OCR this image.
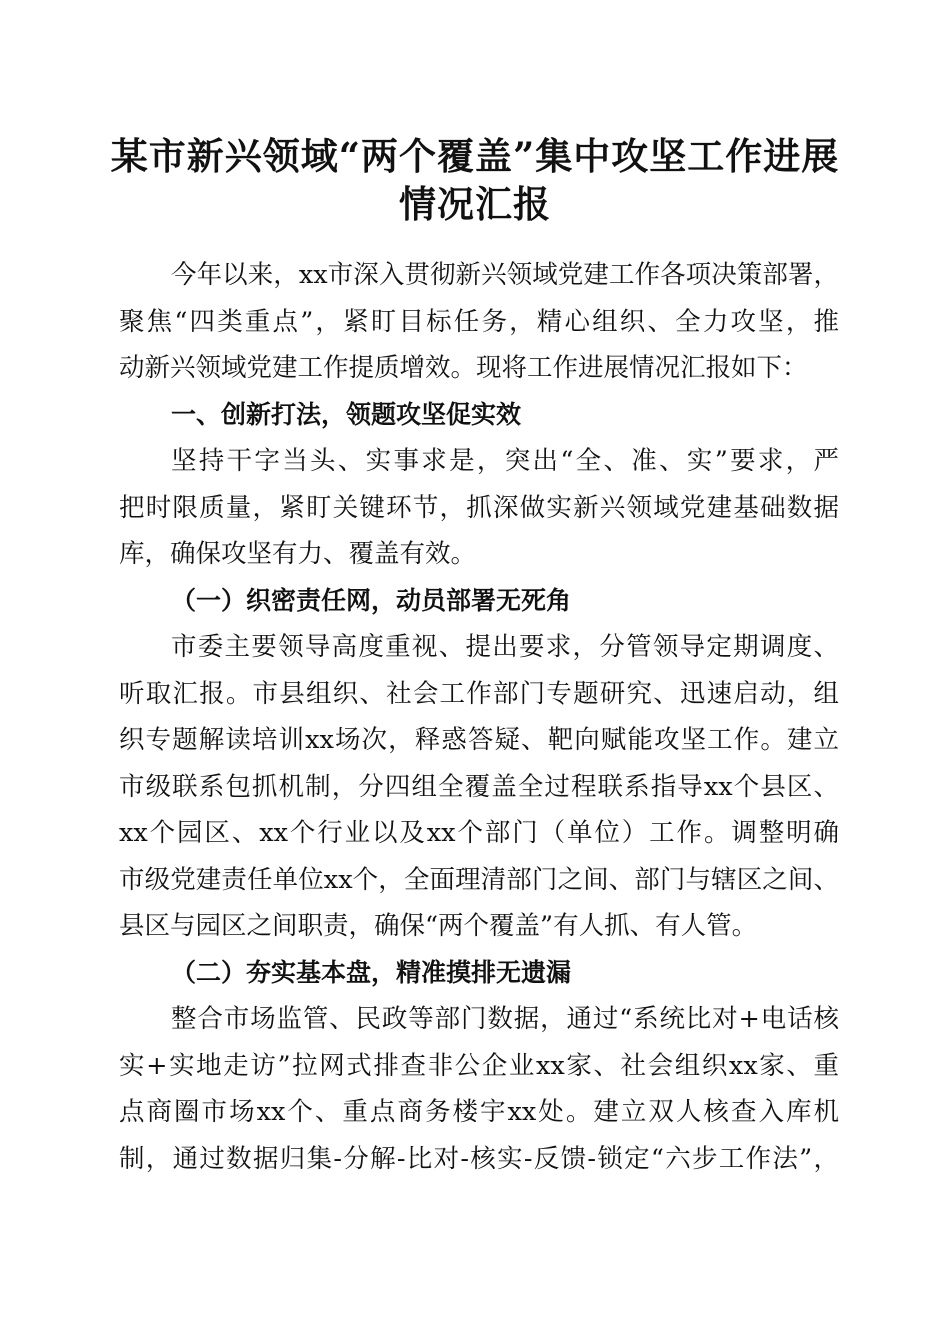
某市新兴领域“两个覆盖”集中攻坚工作进展
情况汇报
今年以来，xx市深入贯彻新兴领域党建工作各项决策部署，
聚焦“四类重点”，紧盯目标任务，精心组织、全力攻坚，推
动新兴领域党建工作提质增效。现将工作进展情况汇报如下：
一、创新打法，领题攻坚促实效
坚持干字当头、实事求是，突出“全、准、实”要求，严
把时限质量，紧盯关键环节，抓深做实新兴领域党建基础数据
库，确保攻坚有力、覆盖有效。
（一）织密责任网，动员部署无死角
市委主要领导高度重视、提出要求，分管领导定期调度、
听取汇报。市县组织、社会工作部门专题研究、迅速启动，组
织专题解读培训xx场次，释惑答疑、靶向赋能攻坚工作。建立
市级联系包抓机制，分四组全覆盖全过程联系指导xx个县区、
xx个园区、xx个行业以及xx个部门（单位）工作。调整明确
市级党建责任单位xx个，全面理清部门之间、部门与辖区之间、
县区与园区之间职责，确保“两个覆盖”有人抓、有人管。
（二）夯实基本盘，精准摸排无遗漏
整合市场监管、民政等部门数据，通过“系统比对+电话核
实+实地走访”拉网式排查非公企业xx家、社会组织xx家、重
点商圈市场xx个、重点商务楼宇xx处。建立双人核查入库机
制，通过数据归集-分解-比对-核实-反馈-锁定“六步工作法”，
